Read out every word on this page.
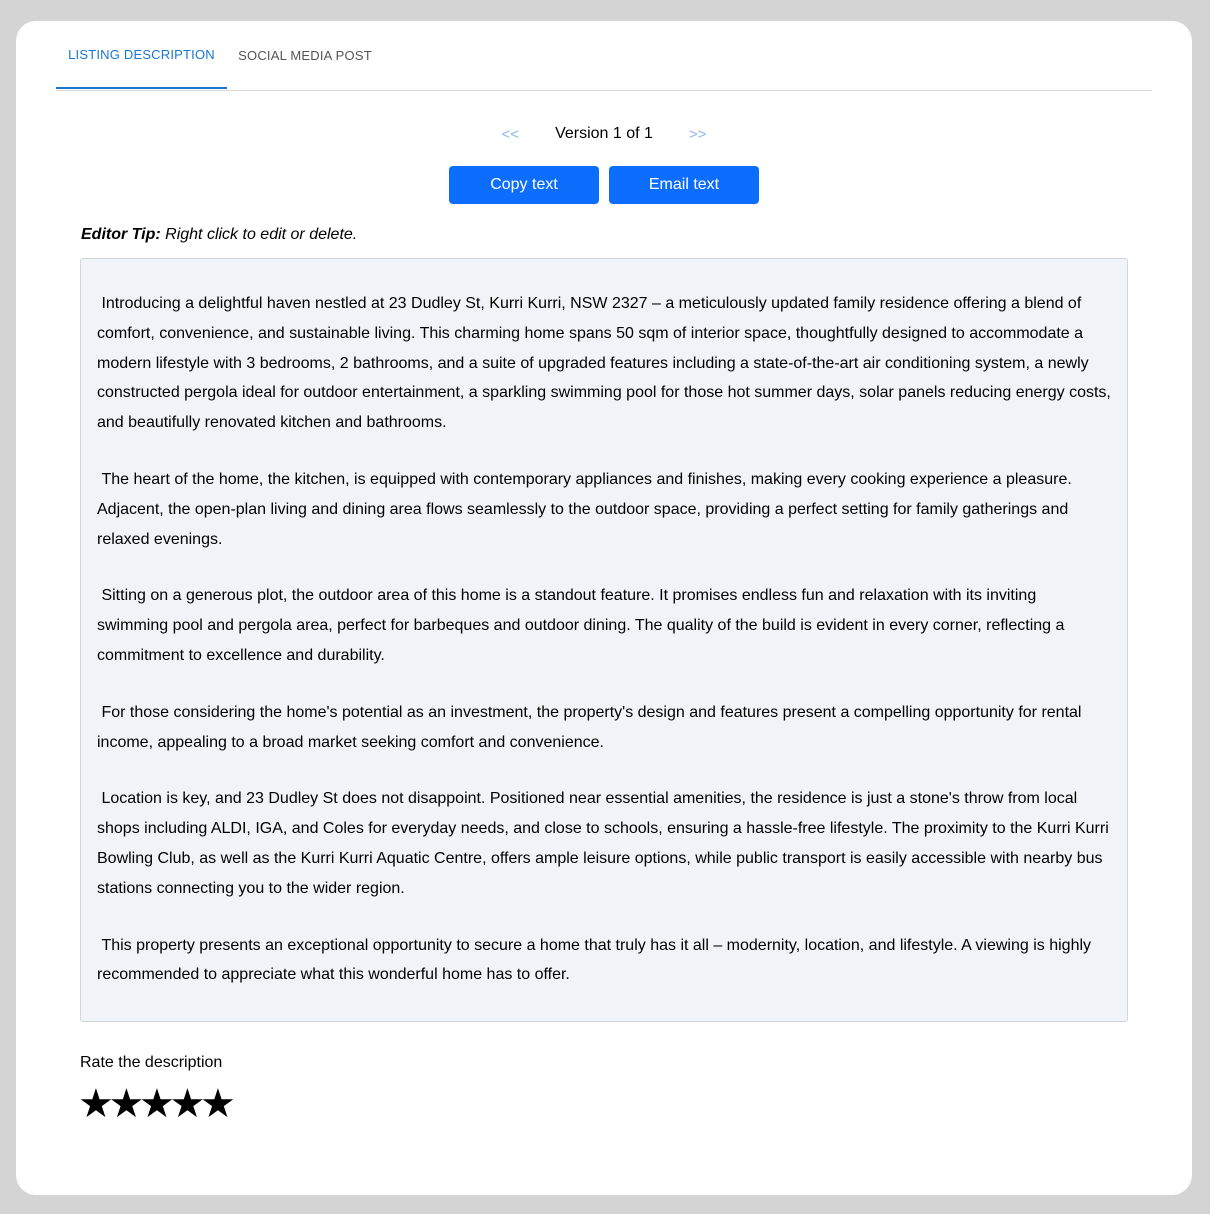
LISTING DESCRIPTION	SOCIAL MEDIA POST
<< Version 1 of 1 >>
Copy text	Email text
Editor Tip: Right click to edit or delete.

Introducing a delightful haven nestled at 23 Dudley St, Kurri Kurri, NSW 2327 – a meticulously updated family residence offering a blend of comfort, convenience, and sustainable living. This charming home spans 50 sqm of interior space, thoughtfully designed to accommodate a modern lifestyle with 3 bedrooms, 2 bathrooms, and a suite of upgraded features including a state-of-the-art air conditioning system, a newly constructed pergola ideal for outdoor entertainment, a sparkling swimming pool for those hot summer days, solar panels reducing energy costs, and beautifully renovated kitchen and bathrooms.

The heart of the home, the kitchen, is equipped with contemporary appliances and finishes, making every cooking experience a pleasure. Adjacent, the open-plan living and dining area flows seamlessly to the outdoor space, providing a perfect setting for family gatherings and relaxed evenings.

Sitting on a generous plot, the outdoor area of this home is a standout feature. It promises endless fun and relaxation with its inviting swimming pool and pergola area, perfect for barbeques and outdoor dining. The quality of the build is evident in every corner, reflecting a commitment to excellence and durability.

For those considering the home's potential as an investment, the property's design and features present a compelling opportunity for rental income, appealing to a broad market seeking comfort and convenience.

Location is key, and 23 Dudley St does not disappoint. Positioned near essential amenities, the residence is just a stone's throw from local shops including ALDI, IGA, and Coles for everyday needs, and close to schools, ensuring a hassle-free lifestyle. The proximity to the Kurri Kurri Bowling Club, as well as the Kurri Kurri Aquatic Centre, offers ample leisure options, while public transport is easily accessible with nearby bus stations connecting you to the wider region.

This property presents an exceptional opportunity to secure a home that truly has it all – modernity, location, and lifestyle. A viewing is highly recommended to appreciate what this wonderful home has to offer.

Rate the description
★
★
★
★
★
